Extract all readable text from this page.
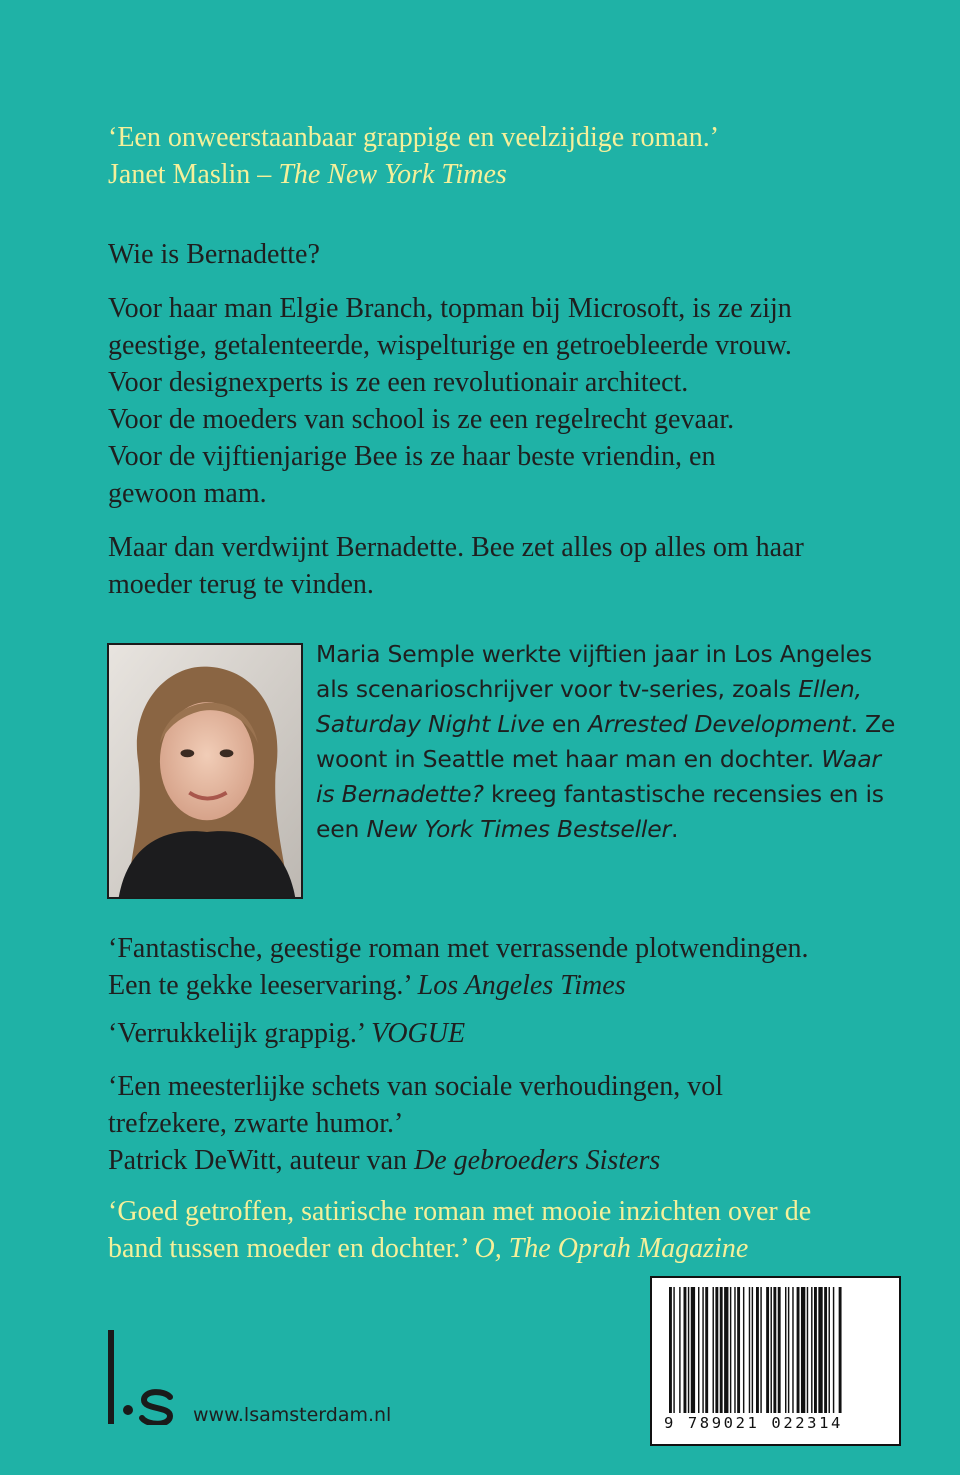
‘Een onweerstaanbaar grappige en veelzijdige roman.’
Janet Maslin – The New York Times

Wie is Bernadette?

Voor haar man Elgie Branch, topman bij Microsoft, is ze zijn
geestige, getalenteerde, wispelturige en getroebleerde vrouw.
Voor designexperts is ze een revolutionair architect.
Voor de moeders van school is ze een regelrecht gevaar.
Voor de vijftienjarige Bee is ze haar beste vriendin, en
gewoon mam.

Maar dan verdwijnt Bernadette. Bee zet alles op alles om haar
moeder terug te vinden.

Maria Semple werkte vijftien jaar in Los Angeles
als scenarioschrijver voor tv-series, zoals Ellen,
Saturday Night Live en Arrested Development. Ze
woont in Seattle met haar man en dochter. Waar
is Bernadette? kreeg fantastische recensies en is
een New York Times Bestseller.

‘Fantastische, geestige roman met verrassende plotwendingen.
Een te gekke leeservaring.’ Los Angeles Times

‘Verrukkelijk grappig.’ VOGUE

‘Een meesterlijke schets van sociale verhoudingen, vol
trefzekere, zwarte humor.’
Patrick DeWitt, auteur van De gebroeders Sisters

‘Goed getroffen, satirische roman met mooie inzichten over de
band tussen moeder en dochter.’ O, The Oprah Magazine

www.lsamsterdam.nl	9 789021 022314
